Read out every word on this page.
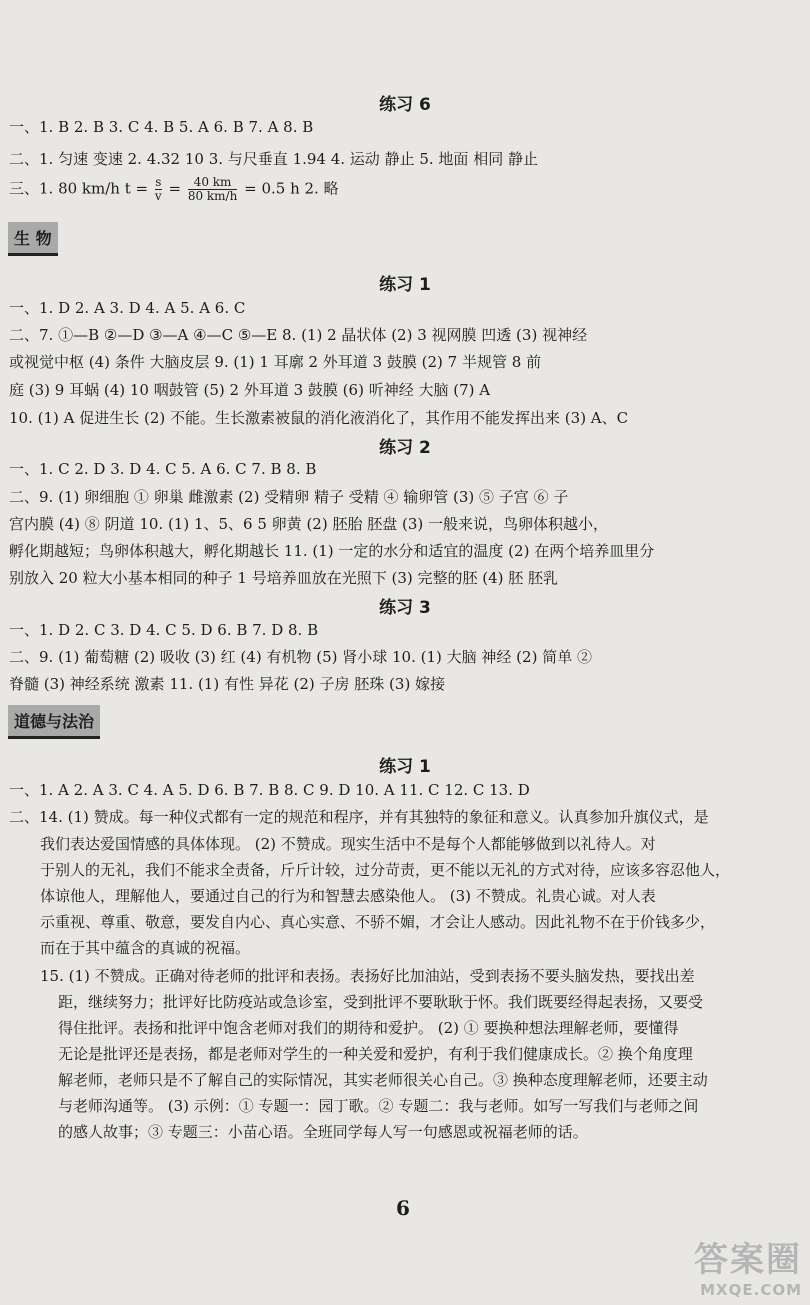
练习 6
一、1. B 2. B 3. C 4. B 5. A 6. B 7. A 8. B
二、1. 匀速 变速 2. 4.32 10 3. 与尺垂直 1.94 4. 运动 静止 5. 地面 相同 静止
三、1. 80 km/h $t = \frac{s}{v} = \frac{40 km}{80 km/h} = 0.5$ h 2. 略
生 物
练习 1
一、1. D 2. A 3. D 4. A 5. A 6. C
二、7. ①—B ②—D ③—A ④—C ⑤—E 8. (1) 2 晶状体 (2) 3 视网膜 凹透 (3) 视神经
或视觉中枢 (4) 条件 大脑皮层 9. (1) 1 耳廓 2 外耳道 3 鼓膜 (2) 7 半规管 8 前
庭 (3) 9 耳蜗 (4) 10 咽鼓管 (5) 2 外耳道 3 鼓膜 (6) 听神经 大脑 (7) A
10. (1) A 促进生长 (2) 不能。生长激素被鼠的消化液消化了，其作用不能发挥出来 (3) A、C
练习 2
一、1. C 2. D 3. D 4. C 5. A 6. C 7. B 8. B
二、9. (1) 卵细胞 ① 卵巢 雌激素 (2) 受精卵 精子 受精 ④ 输卵管 (3) ⑤ 子宫 ⑥ 子
宫内膜 (4) ⑧ 阴道 10. (1) 1、5、6 5 卵黄 (2) 胚胎 胚盘 (3) 一般来说，鸟卵体积越小，
孵化期越短；鸟卵体积越大，孵化期越长 11. (1) 一定的水分和适宜的温度 (2) 在两个培养皿里分
别放入 20 粒大小基本相同的种子 1 号培养皿放在光照下 (3) 完整的胚 (4) 胚 胚乳
练习 3
一、1. D 2. C 3. D 4. C 5. D 6. B 7. D 8. B
二、9. (1) 葡萄糖 (2) 吸收 (3) 红 (4) 有机物 (5) 肾小球 10. (1) 大脑 神经 (2) 简单 ②
脊髓 (3) 神经系统 激素 11. (1) 有性 异花 (2) 子房 胚珠 (3) 嫁接
道德与法治
练习 1
一、1. A 2. A 3. C 4. A 5. D 6. B 7. B 8. C 9. D 10. A 11. C 12. C 13. D
二、14. (1) 赞成。每一种仪式都有一定的规范和程序，并有其独特的象征和意义。认真参加升旗仪式，是
我们表达爱国情感的具体体现。 (2) 不赞成。现实生活中不是每个人都能够做到以礼待人。对
于别人的无礼，我们不能求全责备，斤斤计较，过分苛责，更不能以无礼的方式对待，应该多容忍他人，
体谅他人，理解他人，要通过自己的行为和智慧去感染他人。 (3) 不赞成。礼贵心诚。对人表
示重视、尊重、敬意，要发自内心、真心实意、不骄不媚，才会让人感动。因此礼物不在于价钱多少，
而在于其中蕴含的真诚的祝福。
15. (1) 不赞成。正确对待老师的批评和表扬。表扬好比加油站，受到表扬不要头脑发热，要找出差
距，继续努力；批评好比防疫站或急诊室，受到批评不要耿耿于怀。我们既要经得起表扬，又要受
得住批评。表扬和批评中饱含老师对我们的期待和爱护。 (2) ① 要换种想法理解老师，要懂得
无论是批评还是表扬，都是老师对学生的一种关爱和爱护，有利于我们健康成长。② 换个角度理
解老师，老师只是不了解自己的实际情况，其实老师很关心自己。③ 换种态度理解老师，还要主动
与老师沟通等。 (3) 示例：① 专题一：园丁歌。② 专题二：我与老师。如写一写我们与老师之间
的感人故事；③ 专题三：小苗心语。全班同学每人写一句感恩或祝福老师的话。
6
答案圈
MXQE.COM
